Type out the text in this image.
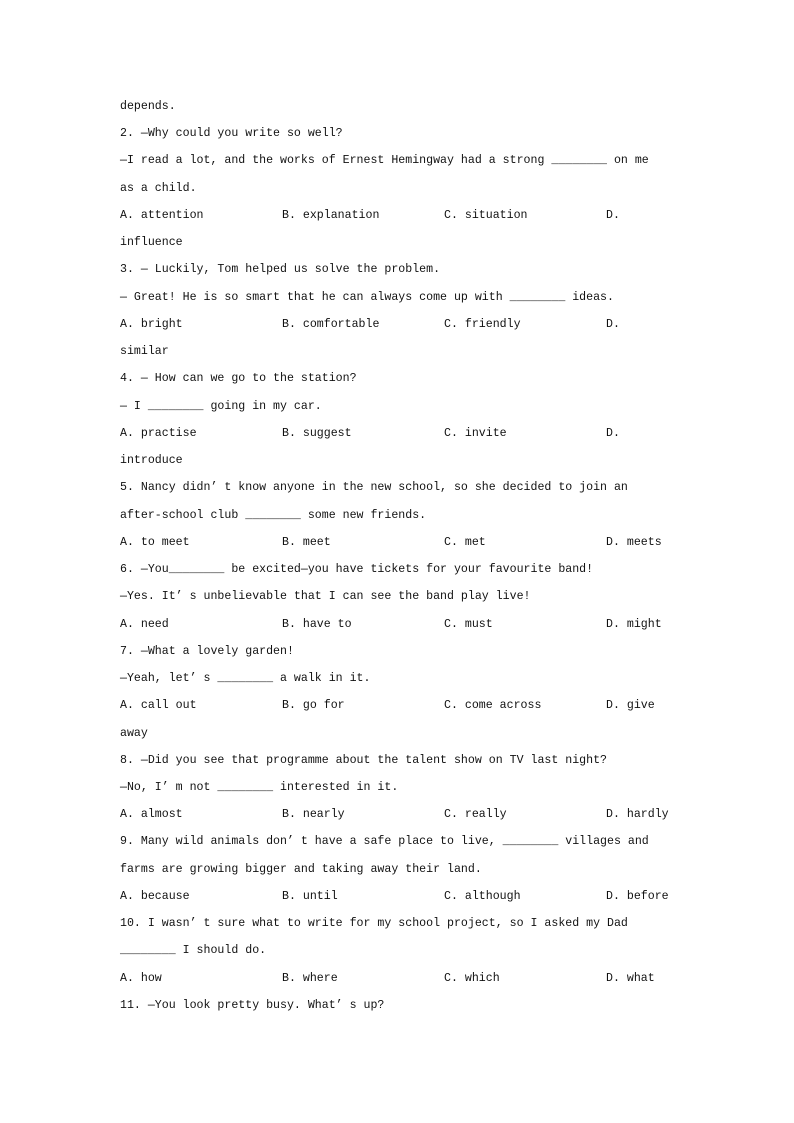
depends.
2. —Why could you write so well?
—I read a lot, and the works of Ernest Hemingway had a strong ________ on me
as a child.
A. attention	B. explanation	C. situation	D.
influence
3. — Luckily, Tom helped us solve the problem.
— Great! He is so smart that he can always come up with ________ ideas.
A. bright	B. comfortable	C. friendly	D.
similar
4. — How can we go to the station?
— I ________ going in my car.
A. practise	B. suggest	C. invite	D.
introduce
5. Nancy didn’ t know anyone in the new school, so she decided to join an
after-school club ________ some new friends.
A. to meet	B. meet	C. met	D. meets
6. —You________ be excited—you have tickets for your favourite band!
—Yes. It’ s unbelievable that I can see the band play live!
A. need	B. have to	C. must	D. might
7. —What a lovely garden!
—Yeah, let’ s ________ a walk in it.
A. call out	B. go for	C. come across	D. give
away
8. —Did you see that programme about the talent show on TV last night?
—No, I’ m not ________ interested in it.
A. almost	B. nearly	C. really	D. hardly
9. Many wild animals don’ t have a safe place to live, ________ villages and
farms are growing bigger and taking away their land.
A. because	B. until	C. although	D. before
10. I wasn’ t sure what to write for my school project, so I asked my Dad
________ I should do.
A. how	B. where	C. which	D. what
11. —You look pretty busy. What’ s up?
